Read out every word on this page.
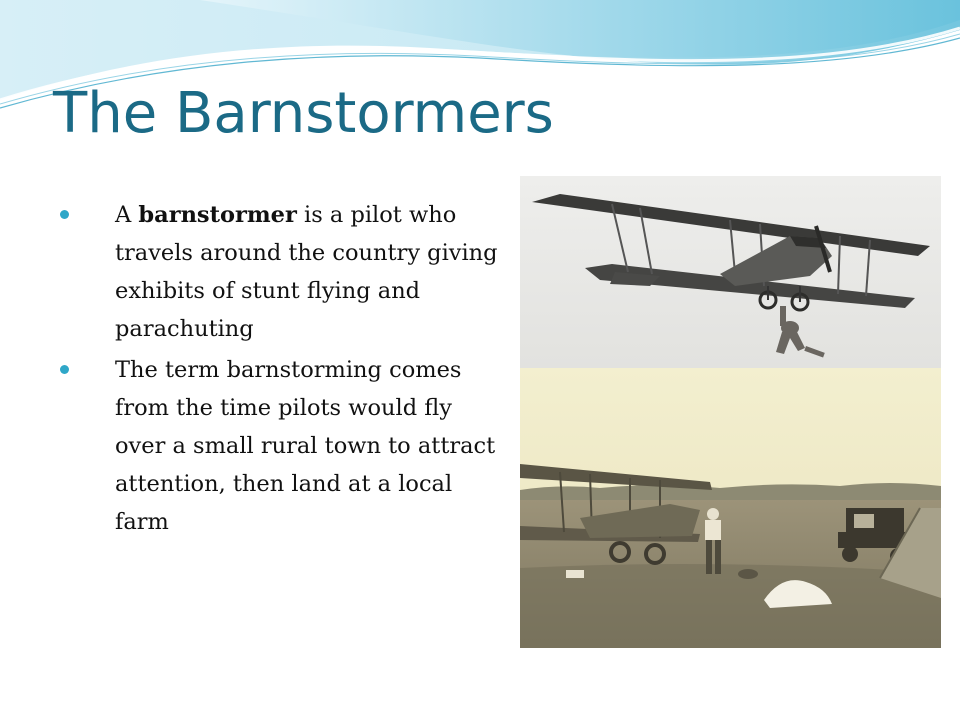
The Barnstormers
A barnstormer is a pilot who travels around the country giving exhibits of stunt flying and parachuting
The term barnstorming comes from the time pilots would fly over a small rural town to attract attention, then land at a local farm
